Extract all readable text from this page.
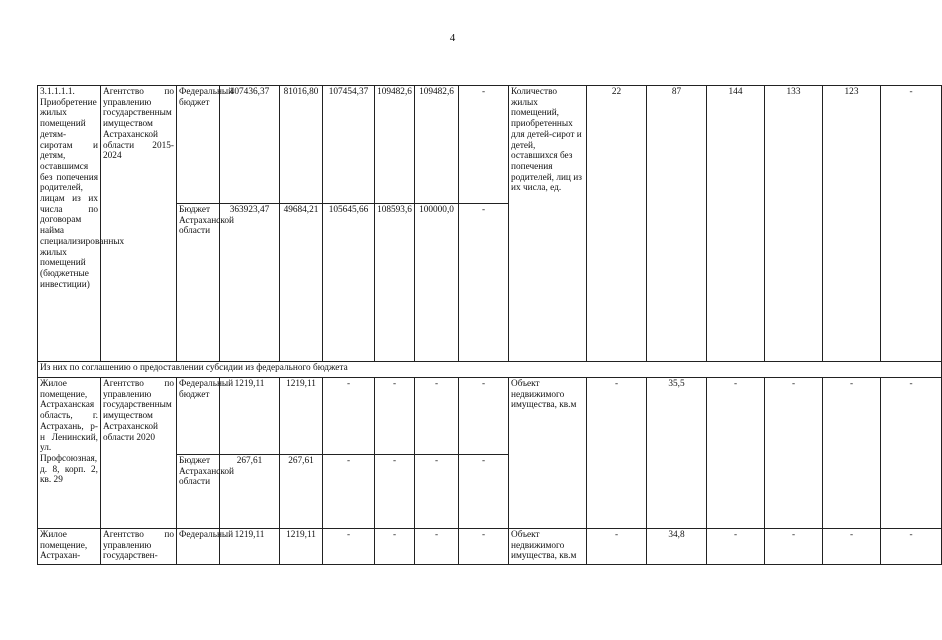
4
3.1.1.1.1. Приобретение жилых помещений детям-сиротам и детям, оставшимся без попечения родителей, лицам из их числа по договорам найма специализированных жилых помещений (бюджетные инвестиции)	Агентство по управлению государственным имуществом Астраханской области 2015-2024	Федеральный бюджет	407436,37	81016,80	107454,37	109482,6	109482,6	-	Количество жилых помещений, приобретенных для детей-сирот и детей, оставшихся без попечения родителей, лиц из их числа, ед.	22	87	144	133	123	-
		Бюджет Астраханской области	363923,47	49684,21	105645,66	108593,6	100000,0	-							
Из них по соглашению о предоставлении субсидии из федерального бюджета															
Жилое помещение, Астраханская область, г. Астрахань, р-н Ленинский, ул. Профсоюзная, д. 8, корп. 2, кв. 29	Агентство по управлению государственным имуществом Астраханской области 2020	Федеральный бюджет	1219,11	1219,11	-	-	-	-	Объект недвижимого имущества, кв.м	-	35,5	-	-	-	-
		Бюджет Астраханской области	267,61	267,61	-	-	-	-							
Жилое помещение, Астрахан-	Агентство по управлению государствен-	Федеральный	1219,11	1219,11	-	-	-	-	Объект недвижимого имущества, кв.м	-	34,8	-	-	-	-
